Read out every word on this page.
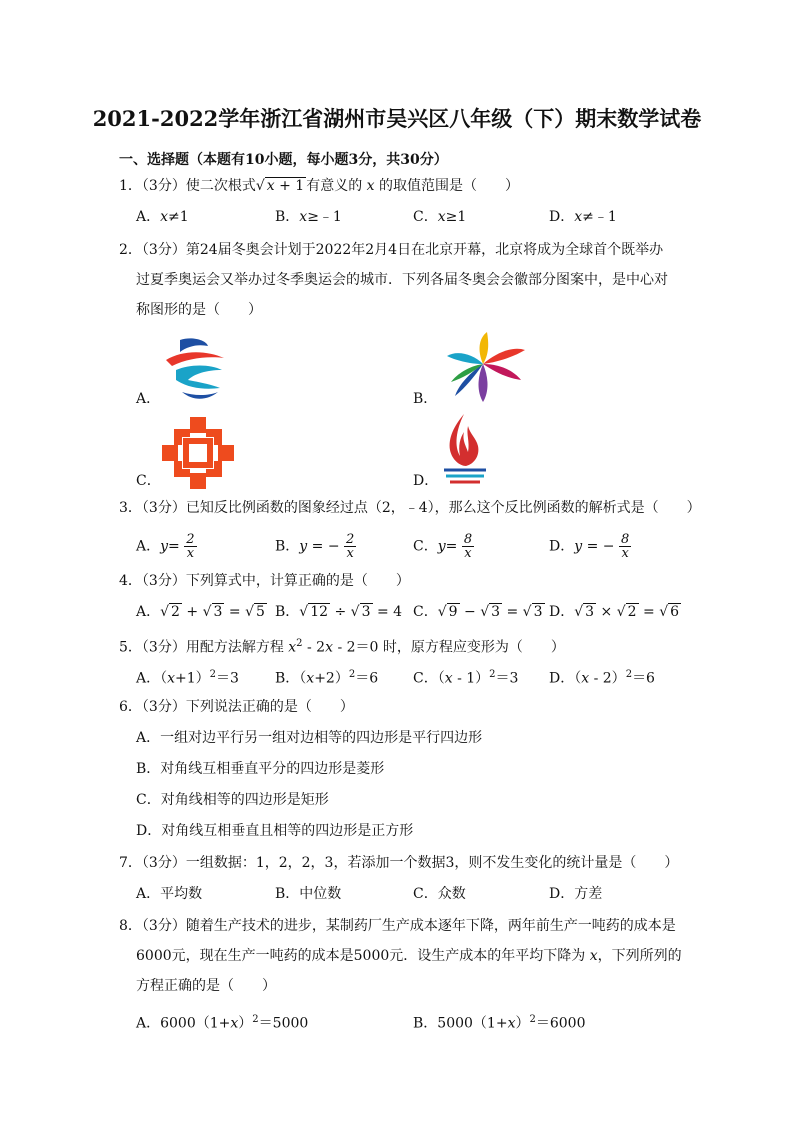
2021-2022学年浙江省湖州市吴兴区八年级（下）期末数学试卷
一、选择题（本题有10小题，每小题3分，共30分）
1．（3分）使二次根式√ x + 1 有意义的 x 的取值范围是（　　）
A．x≠1	B．x≥﹣1	C．x≥1	D．x≠﹣1
2．（3分）第24届冬奥会计划于2022年2月4日在北京开幕，北京将成为全球首个既举办
过夏季奥运会又举办过冬季奥运会的城市．下列各届冬奥会会徽部分图案中，是中心对
称图形的是（　　）
A．	B．
C．	D．
3．（3分）已知反比例函数的图象经过点（2，﹣4），那么这个反比例函数的解析式是（　　）
A．$y= \frac{2}{x}$	B．y = − $\frac{2}{x}$	C．$y= \frac{8}{x}$	D．y = − $\frac{8}{x}$
4．（3分）下列算式中，计算正确的是（　　）
A．√ 2 + √ 3 = √ 5 B．√ 12 ÷ √ 3 = 4 C．√ 9 − √ 3 = √ 3 D．√ 3 × √ 2 = √ 6
5．（3分）用配方法解方程 $x^2 - 2x - 2=0$ 时，原方程应变形为（　　）
A．$(x+1)^2=3$	B．$(x+2)^2=6$ C．（x - 1）$^2$＝3 D．（x - 2）$^2$＝6
6．（3分）下列说法正确的是（　　）
A．一组对边平行另一组对边相等的四边形是平行四边形
B．对角线互相垂直平分的四边形是菱形
C．对角线相等的四边形是矩形
D．对角线互相垂直且相等的四边形是正方形
7．（3分）一组数据：1，2，2，3，若添加一个数据3，则不发生变化的统计量是（　　）
A．平均数	B．中位数	C．众数	D．方差
8．（3分）随着生产技术的进步，某制药厂生产成本逐年下降，两年前生产一吨药的成本是
6000元，现在生产一吨药的成本是5000元．设生产成本的年平均下降为 x，下列所列的
方程正确的是（　　）
A．$6000(1+x)^2=5000$	B．$5000(1+x)^2=6000$
